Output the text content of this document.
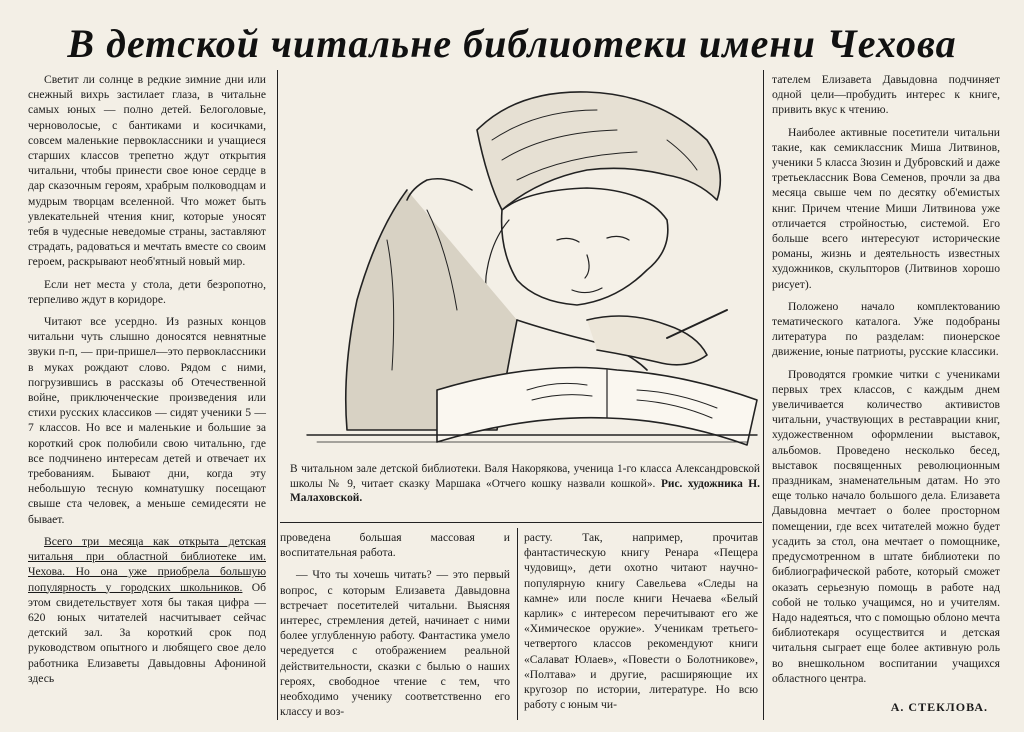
В детской читальне библиотеки имени Чехова

Светит ли солнце в редкие зимние дни или снежный вихрь застилает глаза, в читальне самых юных — полно детей. Белоголовые, черноволосые, с бантиками и косичками, совсем маленькие первоклассники и учащиеся старших классов трепетно ждут открытия читальни, чтобы принести свое юное сердце в дар сказочным героям, храбрым полководцам и мудрым творцам вселенной. Что может быть увлекательней чтения книг, которые уносят тебя в чудесные неведомые страны, заставляют страдать, радоваться и мечтать вместе со своим героем, раскрывают необ'ятный новый мир.

Если нет места у стола, дети безропотно, терпеливо ждут в коридоре.

Читают все усердно. Из разных концов читальни чуть слышно доносятся невнятные звуки п-п, — при-пришел—это первоклассники в муках рождают слово. Рядом с ними, погрузившись в рассказы об Отечественной войне, приключенческие произведения или стихи русских классиков — сидят ученики 5 — 7 классов. Но все и маленькие и большие за короткий срок полюбили свою читальню, где все подчинено интересам детей и отвечает их требованиям. Бывают дни, когда эту небольшую тесную комнатушку посещают свыше ста человек, а меньше семидесяти не бывает.

Всего три месяца как открыта детская читальня при областной библиотеке им. Чехова. Но она уже приобрела большую популярность у городских школьников. Об этом свидетельствует хотя бы такая цифра — 620 юных читателей насчитывает сейчас детский зал. За короткий срок под руководством опытного и любящего свое дело работника Елизаветы Давыдовны Афониной здесь

В читальном зале детской библиотеки. Валя Накорякова, ученица 1-го класса Александровской школы № 9, читает сказку Маршака «Отчего кошку назвали кошкой». Рис. художника Н. Малаховской.

проведена большая массовая и воспитательная работа.

— Что ты хочешь читать? — это первый вопрос, с которым Елизавета Давыдовна встречает посетителей читальни. Выясняя интерес, стремления детей, начинает с ними более углубленную работу. Фантастика умело чередуется с отображением реальной действительности, сказки с былью о наших героях, свободное чтение с тем, что необходимо ученику соответственно его классу и воз-

расту. Так, например, прочитав фантастическую книгу Ренара «Пещера чудовищ», дети охотно читают научно-популярную книгу Савельева «Следы на камне» или после книги Нечаева «Белый карлик» с интересом перечитывают его же «Химическое оружие». Ученикам третьего-четвертого классов рекомендуют книги «Салават Юлаев», «Повести о Болотникове», «Полтава» и другие, расширяющие их кругозор по истории, литературе. Но всю работу с юным чи-

тателем Елизавета Давыдовна подчиняет одной цели—пробудить интерес к книге, привить вкус к чтению.

Наиболее активные посетители читальни такие, как семиклассник Миша Литвинов, ученики 5 класса Зюзин и Дубровский и даже третьеклассник Вова Семенов, прочли за два месяца свыше чем по десятку об'емистых книг. Причем чтение Миши Литвинова уже отличается стройностью, системой. Его больше всего интересуют исторические романы, жизнь и деятельность известных художников, скульпторов (Литвинов хорошо рисует).

Положено начало комплектованию тематического каталога. Уже подобраны литература по разделам: пионерское движение, юные патриоты, русские классики.

Проводятся громкие читки с учениками первых трех классов, с каждым днем увеличивается количество активистов читальни, участвующих в реставрации книг, художественном оформлении выставок, альбомов. Проведено несколько бесед, выставок посвященных революционным праздникам, знаменательным датам. Но это еще только начало большого дела. Елизавета Давыдовна мечтает о более просторном помещении, где всех читателей можно будет усадить за стол, она мечтает о помощнике, предусмотренном в штате библиотеки по библиографической работе, который сможет оказать серьезную помощь в работе над собой не только учащимся, но и учителям. Надо надеяться, что с помощью облоно мечта библиотекаря осуществится и детская читальня сыграет еще более активную роль во внешкольном воспитании учащихся областного центра.

А. СТЕКЛОВА.
